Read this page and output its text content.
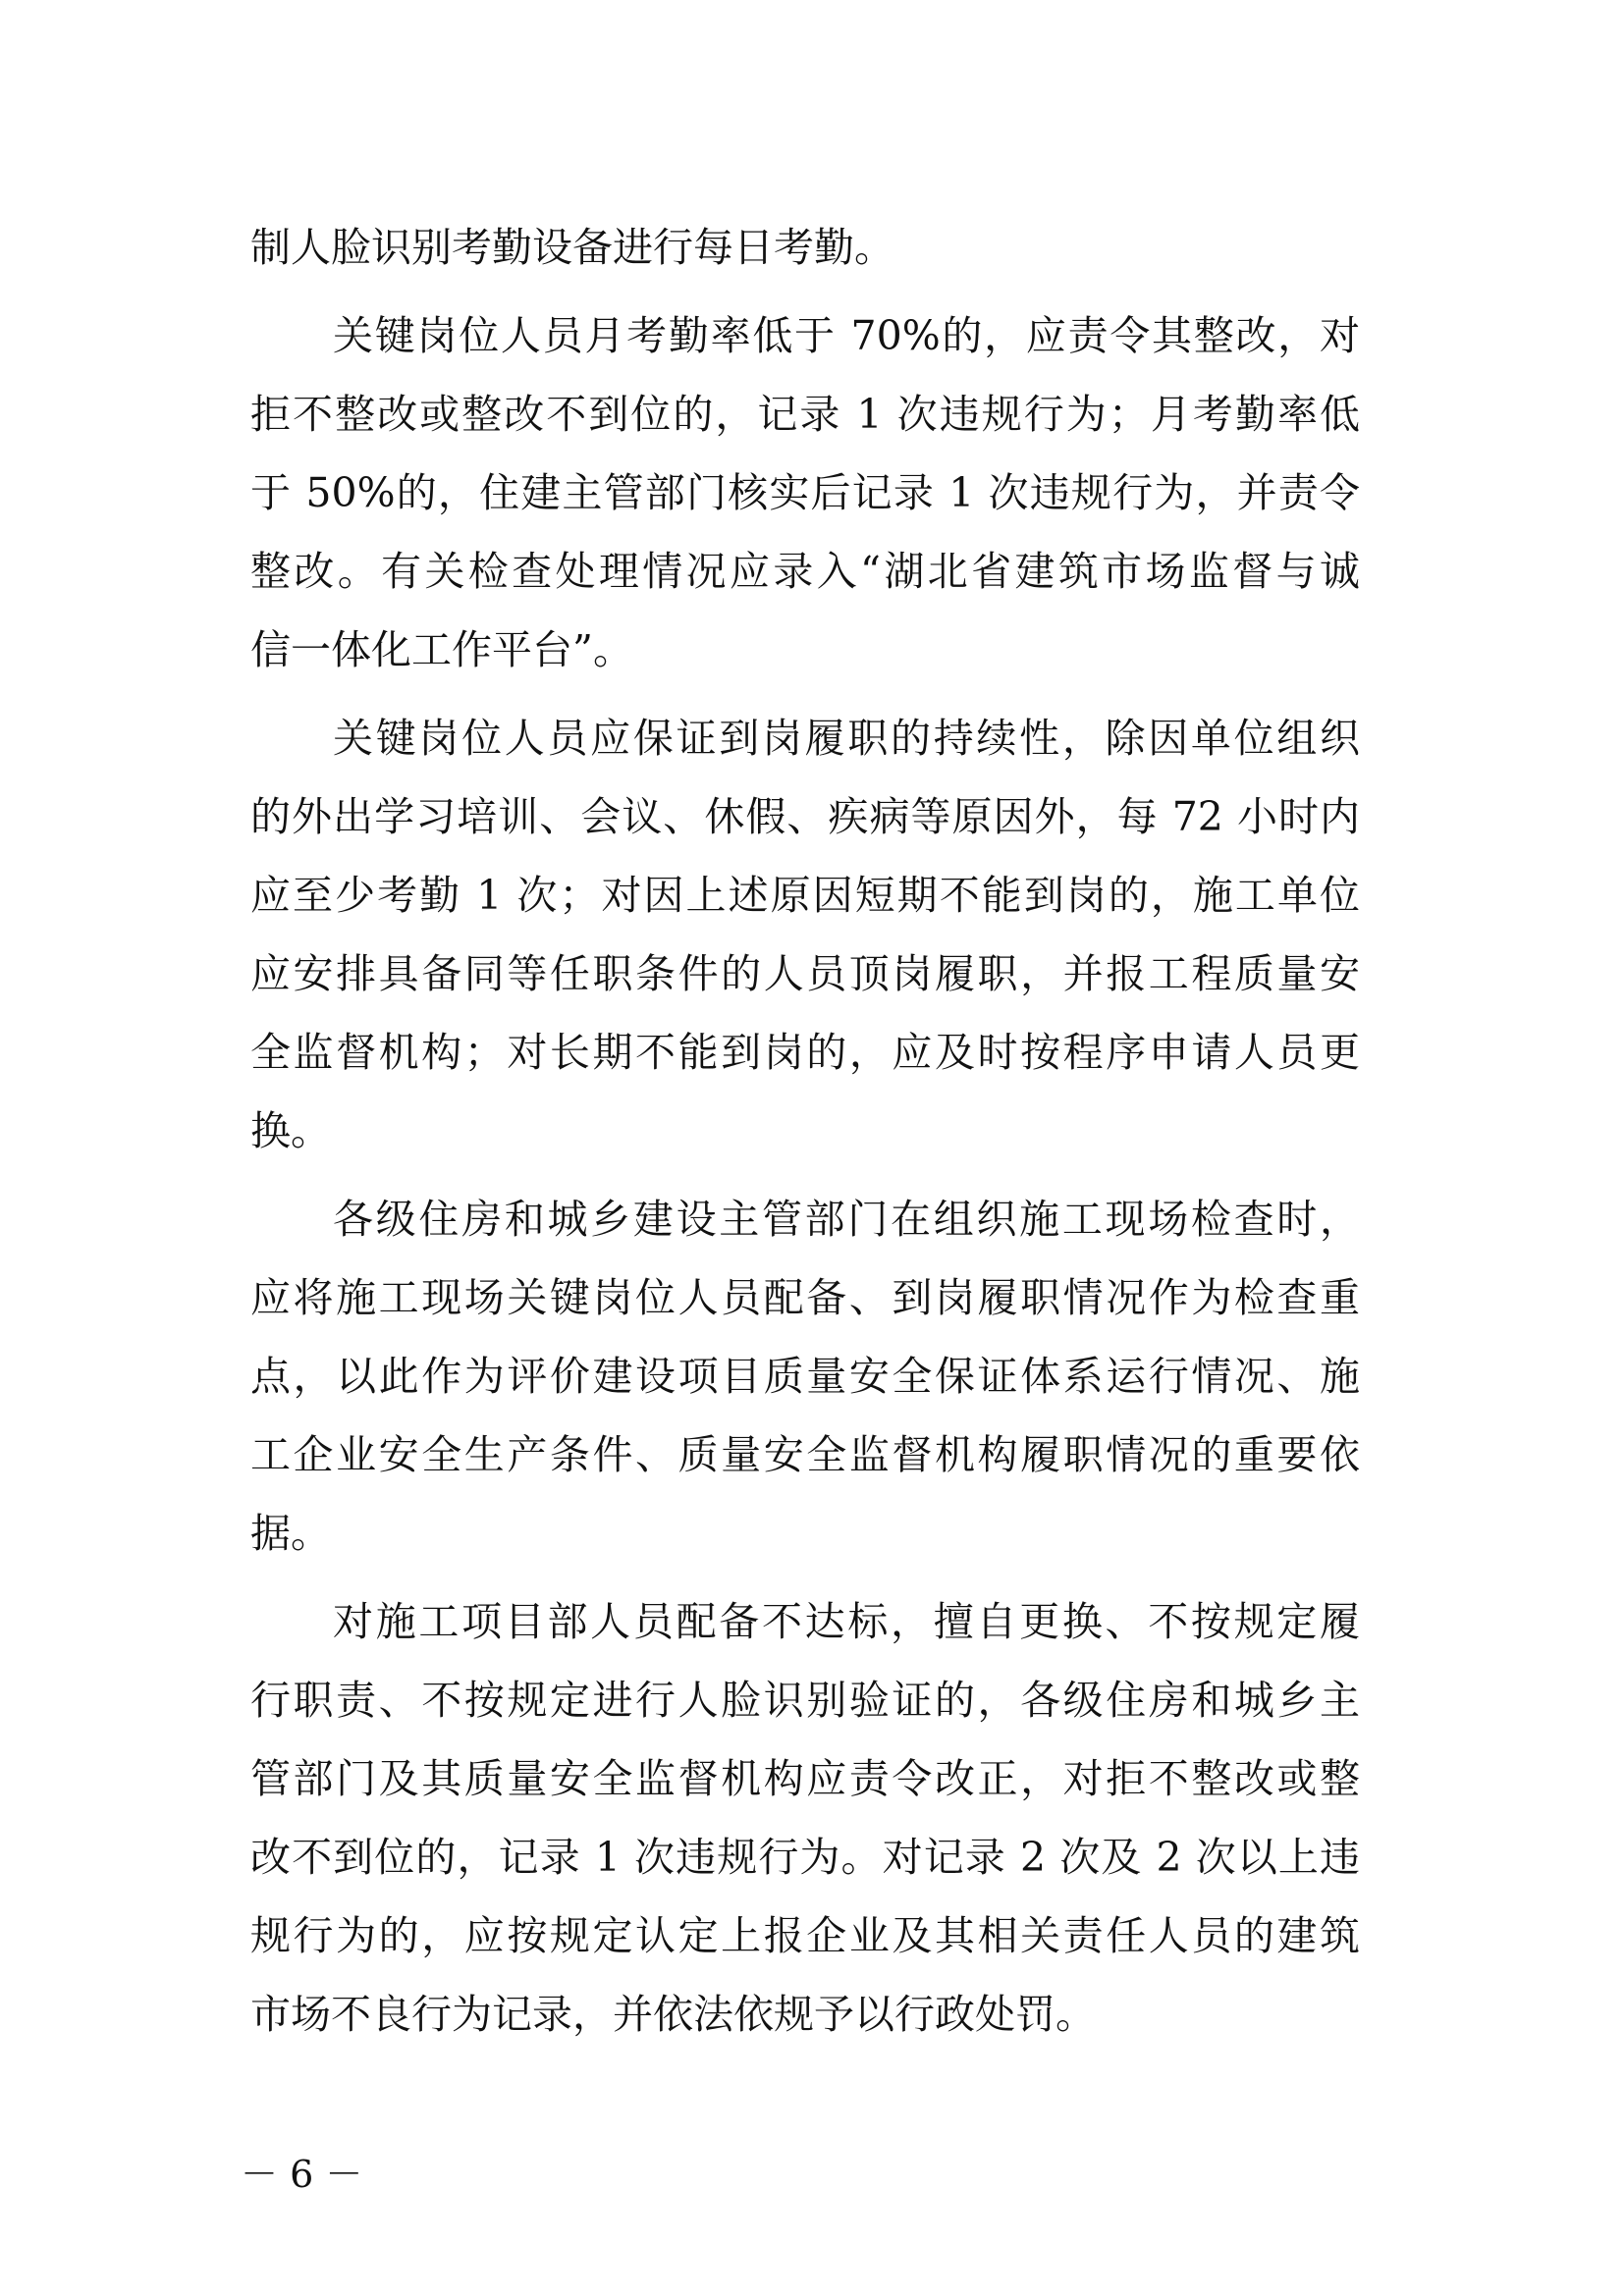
制人脸识别考勤设备进行每日考勤。
关键岗位人员月考勤率低于 70%的，应责令其整改，对
拒不整改或整改不到位的，记录 1 次违规行为；月考勤率低
于 50%的，住建主管部门核实后记录 1 次违规行为，并责令
整改。有关检查处理情况应录入“湖北省建筑市场监督与诚
信一体化工作平台”。
关键岗位人员应保证到岗履职的持续性，除因单位组织
的外出学习培训、会议、休假、疾病等原因外，每 72 小时内
应至少考勤 1 次；对因上述原因短期不能到岗的，施工单位
应安排具备同等任职条件的人员顶岗履职，并报工程质量安
全监督机构；对长期不能到岗的，应及时按程序申请人员更
换。
各级住房和城乡建设主管部门在组织施工现场检查时，
应将施工现场关键岗位人员配备、到岗履职情况作为检查重
点，以此作为评价建设项目质量安全保证体系运行情况、施
工企业安全生产条件、质量安全监督机构履职情况的重要依
据。
对施工项目部人员配备不达标，擅自更换、不按规定履
行职责、不按规定进行人脸识别验证的，各级住房和城乡主
管部门及其质量安全监督机构应责令改正，对拒不整改或整
改不到位的，记录 1 次违规行为。对记录 2 次及 2 次以上违
规行为的，应按规定认定上报企业及其相关责任人员的建筑
市场不良行为记录，并依法依规予以行政处罚。
－ 6 －
